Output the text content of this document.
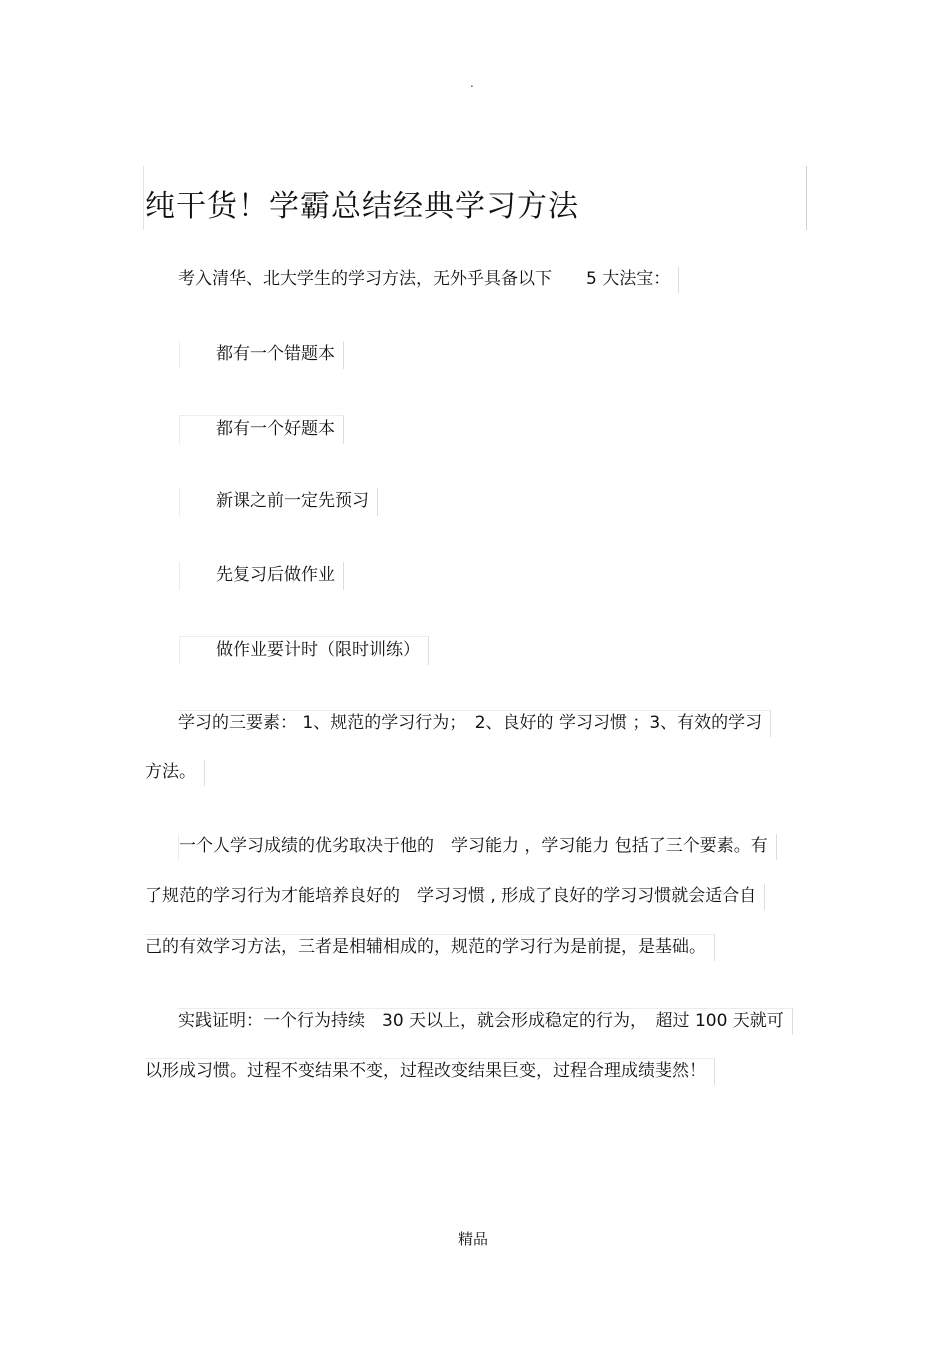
.
纯干货！学霸总结经典学习方法
考入清华、北大学生的学习方法，无外乎具备以下　　5 大法宝：
都有一个错题本
都有一个好题本
新课之前一定先预习
先复习后做作业
做作业要计时（限时训练）
学习的三要素： 1、规范的学习行为；　2、良好的 学习习惯 ；3、有效的学习
方法。
一个人学习成绩的优劣取决于他的　学习能力 ，学习能力 包括了三个要素。有
了规范的学习行为才能培养良好的　学习习惯 , 形成了良好的学习习惯就会适合自
己的有效学习方法，三者是相辅相成的，规范的学习行为是前提，是基础。
实践证明：一个行为持续　30 天以上，就会形成稳定的行为，　超过 100 天就可
以形成习惯。过程不变结果不变，过程改变结果巨变，过程合理成绩斐然！
精品
